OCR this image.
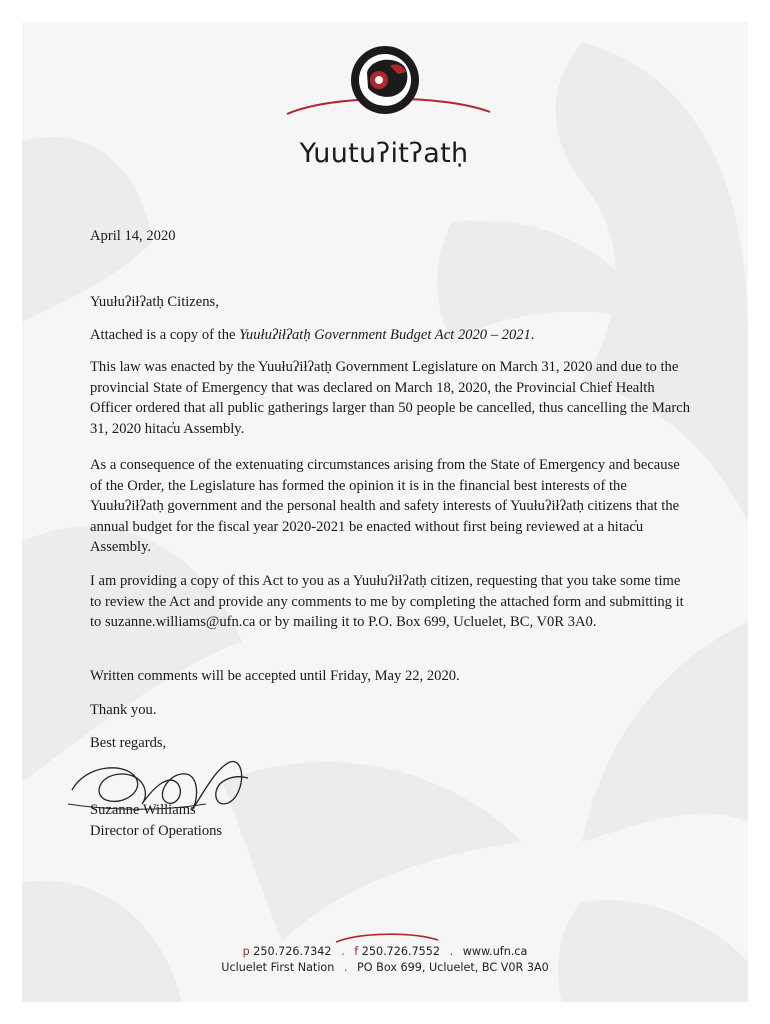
Yuutuʔitʔatḥ

April 14, 2020

Yuułuʔiłʔatḥ Citizens,

Attached is a copy of the Yuułuʔiłʔatḥ Government Budget Act 2020 – 2021.

This law was enacted by the Yuułuʔiłʔatḥ Government Legislature on March 31, 2020 and due to the provincial State of Emergency that was declared on March 18, 2020, the Provincial Chief Health Officer ordered that all public gatherings larger than 50 people be cancelled, thus cancelling the March 31, 2020 hitac̓u Assembly.

As a consequence of the extenuating circumstances arising from the State of Emergency and because of the Order, the Legislature has formed the opinion it is in the financial best interests of the Yuułuʔiłʔatḥ government and the personal health and safety interests of Yuułuʔiłʔatḥ citizens that the annual budget for the fiscal year 2020-2021 be enacted without first being reviewed at a hitac̓u Assembly.

I am providing a copy of this Act to you as a Yuułuʔiłʔatḥ citizen, requesting that you take some time to review the Act and provide any comments to me by completing the attached form and submitting it to suzanne.williams@ufn.ca or by mailing it to P.O. Box 699, Ucluelet, BC, V0R 3A0.

Written comments will be accepted until Friday, May 22, 2020.

Thank you.

Best regards,

Suzanne Williams

Director of Operations

p 250.726.7342 . f 250.726.7552 . www.ufn.ca
Ucluelet First Nation . PO Box 699, Ucluelet, BC V0R 3A0
